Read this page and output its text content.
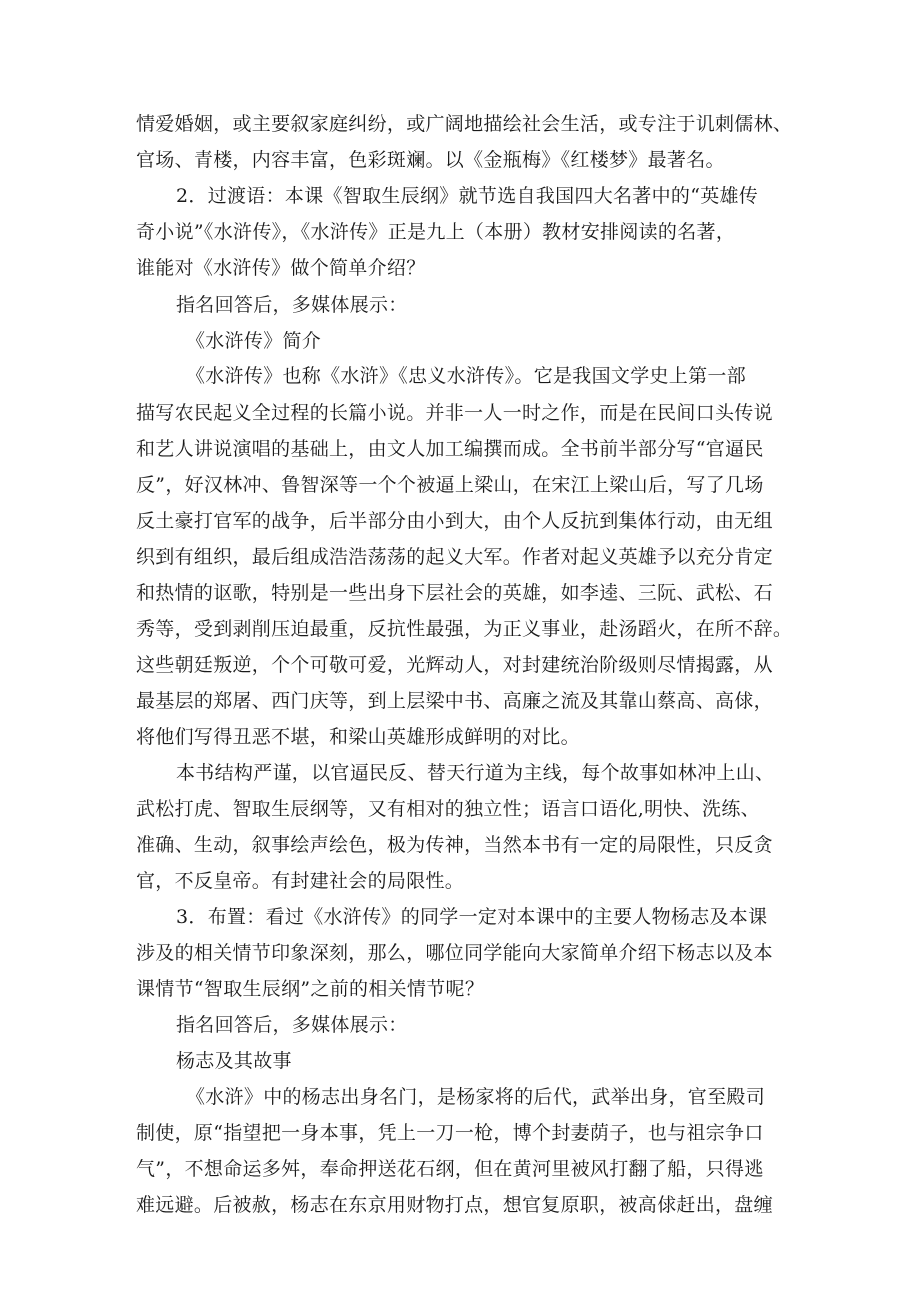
情爱婚姻，或主要叙家庭纠纷，或广阔地描绘社会生活，或专注于讥刺儒林、
官场、青楼，内容丰富，色彩斑斓。以《金瓶梅》《红楼梦》最著名。
2．过渡语：本课《智取生辰纲》就节选自我国四大名著中的“英雄传
奇小说”《水浒传》，《水浒传》正是九上（本册）教材安排阅读的名著，
谁能对《水浒传》做个简单介绍？
指名回答后，多媒体展示：
《水浒传》简介
《水浒传》也称《水浒》《忠义水浒传》。它是我国文学史上第一部
描写农民起义全过程的长篇小说。并非一人一时之作，而是在民间口头传说
和艺人讲说演唱的基础上，由文人加工编撰而成。全书前半部分写“官逼民
反”，好汉林冲、鲁智深等一个个被逼上梁山，在宋江上梁山后，写了几场
反土豪打官军的战争，后半部分由小到大，由个人反抗到集体行动，由无组
织到有组织，最后组成浩浩荡荡的起义大军。作者对起义英雄予以充分肯定
和热情的讴歌，特别是一些出身下层社会的英雄，如李逵、三阮、武松、石
秀等，受到剥削压迫最重，反抗性最强，为正义事业，赴汤蹈火，在所不辞。
这些朝廷叛逆，个个可敬可爱，光辉动人，对封建统治阶级则尽情揭露，从
最基层的郑屠、西门庆等，到上层梁中书、高廉之流及其靠山蔡高、高俅，
将他们写得丑恶不堪，和梁山英雄形成鲜明的对比。
本书结构严谨，以官逼民反、替天行道为主线，每个故事如林冲上山、
武松打虎、智取生辰纲等，又有相对的独立性；语言口语化,明快、洗练、
准确、生动，叙事绘声绘色，极为传神，当然本书有一定的局限性，只反贪
官，不反皇帝。有封建社会的局限性。
3．布置：看过《水浒传》的同学一定对本课中的主要人物杨志及本课
涉及的相关情节印象深刻，那么，哪位同学能向大家简单介绍下杨志以及本
课情节“智取生辰纲”之前的相关情节呢？
指名回答后，多媒体展示：
杨志及其故事
《水浒》中的杨志出身名门，是杨家将的后代，武举出身，官至殿司
制使，原“指望把一身本事，凭上一刀一枪，博个封妻荫子，也与祖宗争口
气”，不想命运多舛，奉命押送花石纲，但在黄河里被风打翻了船，只得逃
难远避。后被赦，杨志在东京用财物打点，想官复原职，被高俅赶出，盘缠
